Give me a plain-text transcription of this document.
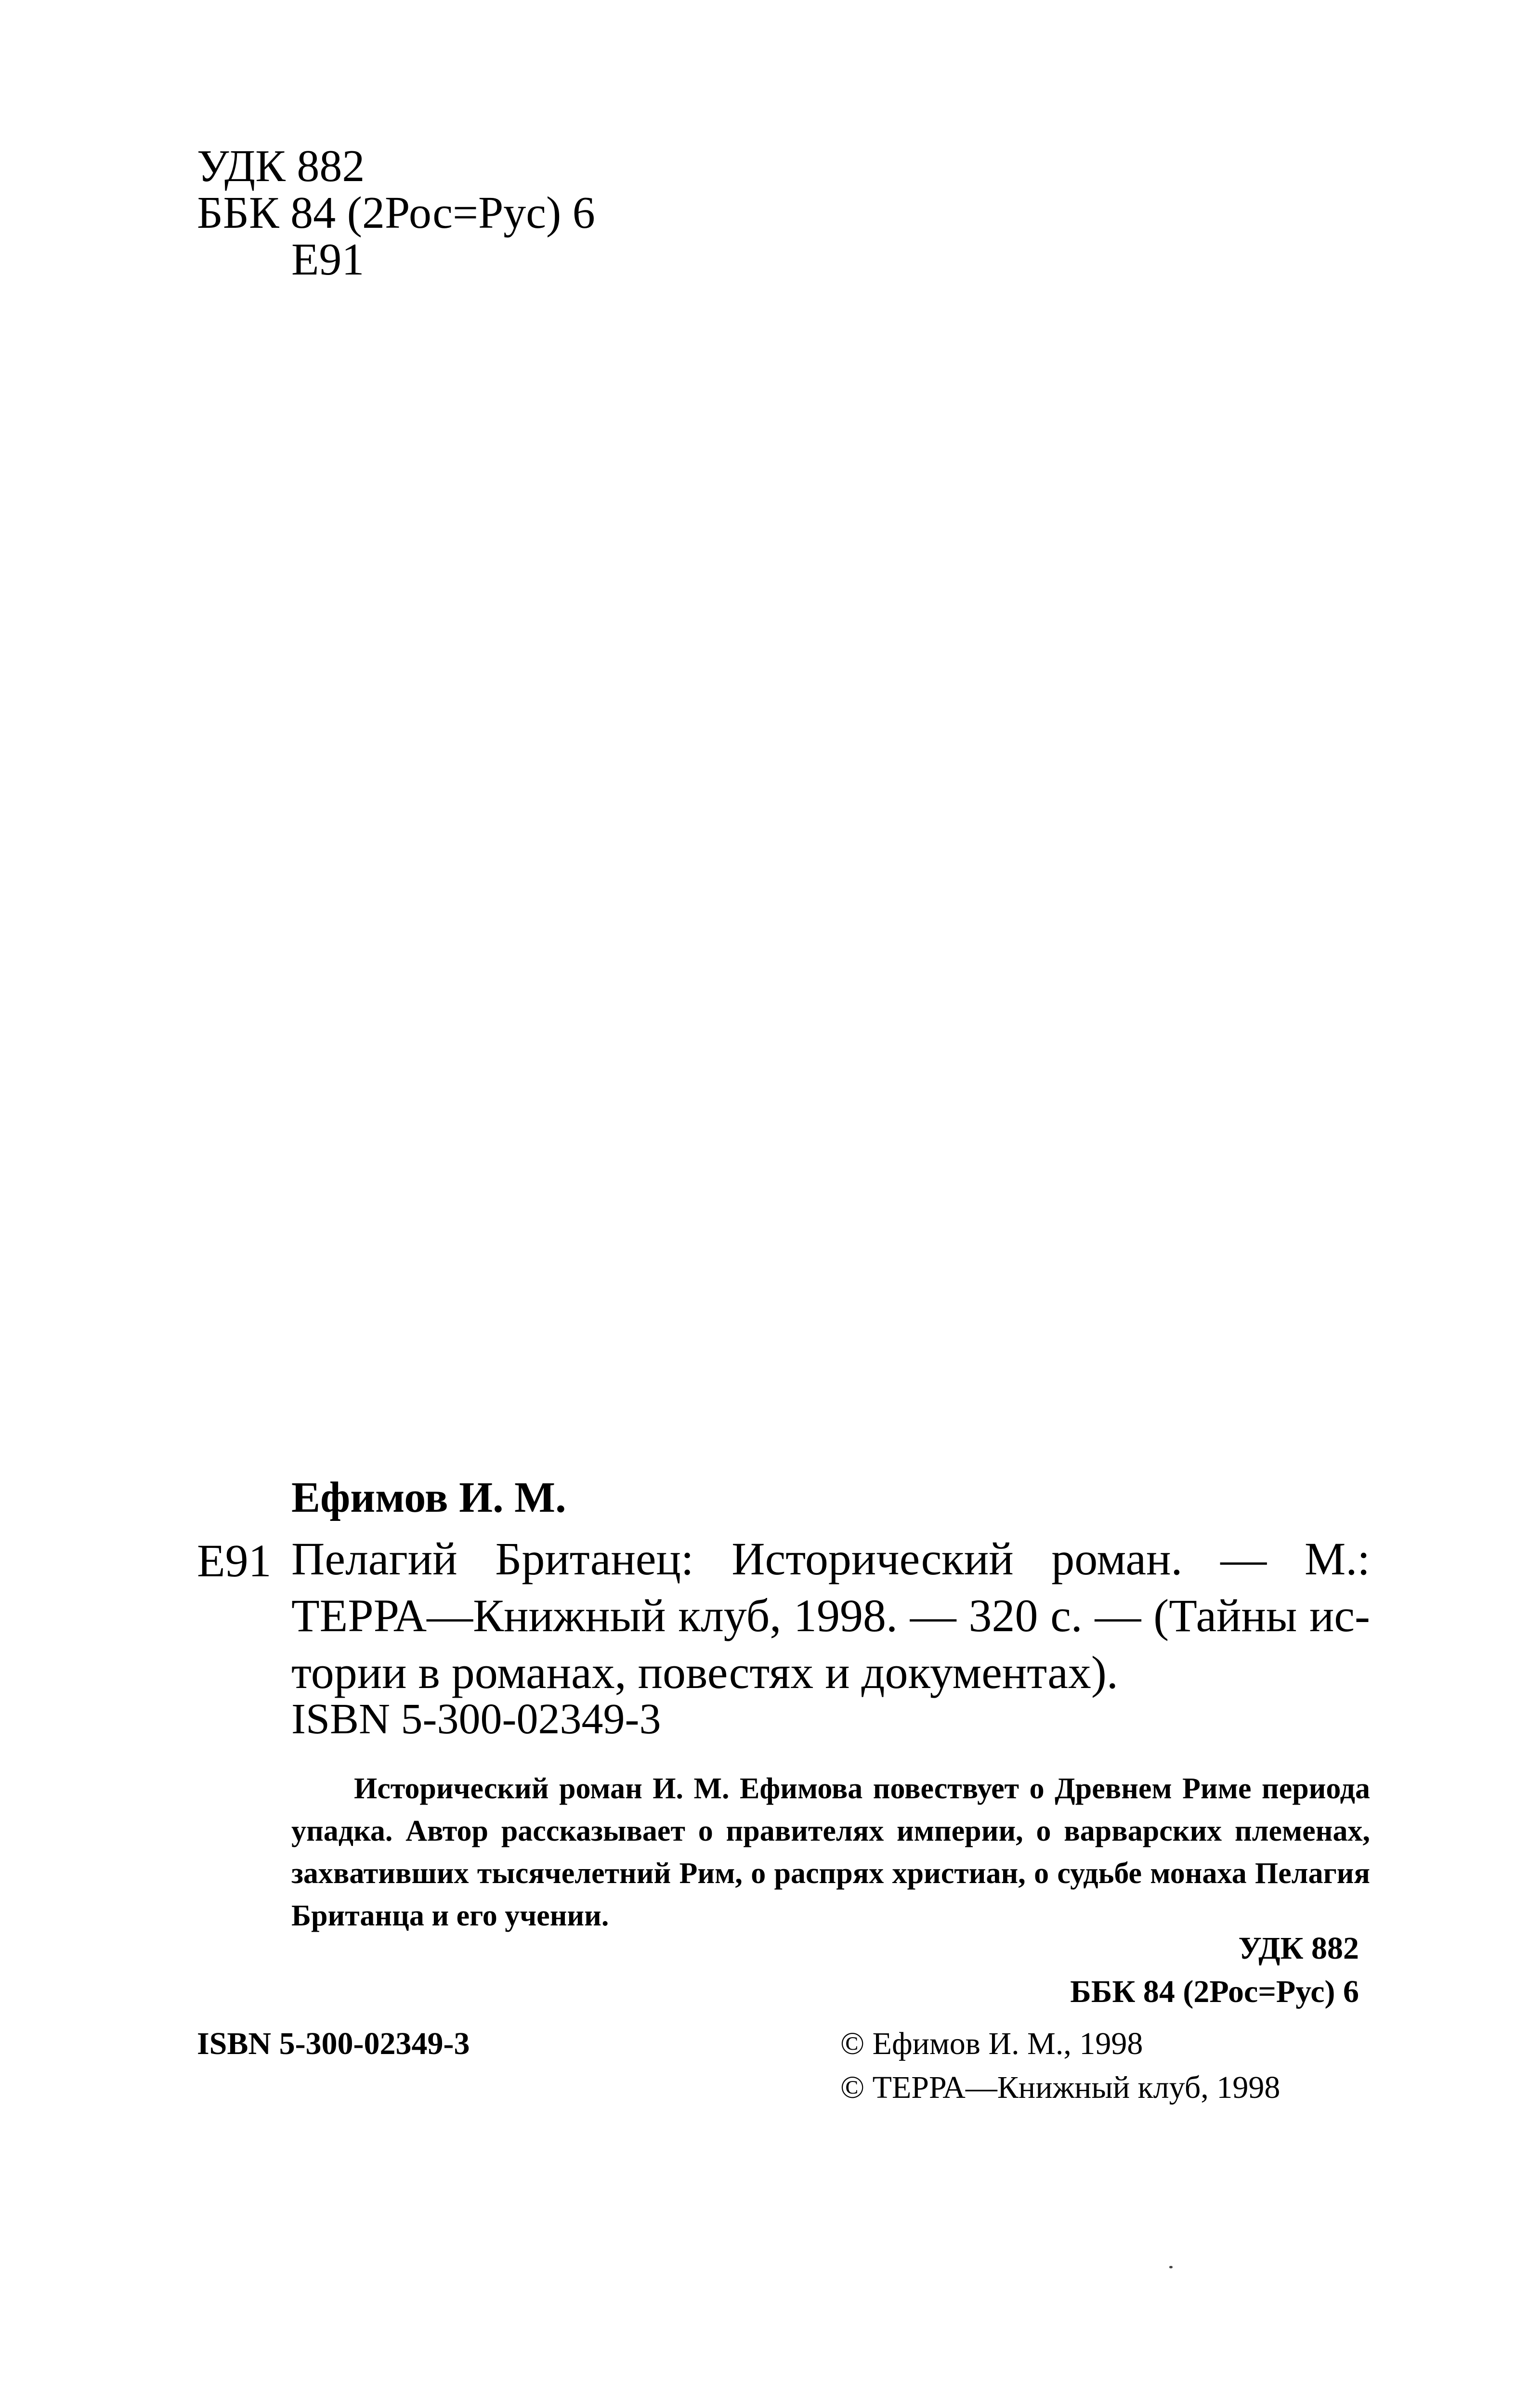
УДК 882
ББК 84 (2Рос=Рус) 6
Е91
Ефимов И. М.
Е91 Пелагий Британец: Исторический роман. — М.: ТЕРРА—Книжный клуб, 1998. — 320 с. — (Тайны истории в романах, повестях и документах).
ISBN 5-300-02349-3
Исторический роман И. М. Ефимова повествует о Древнем Риме периода упадка. Автор рассказывает о правителях империи, о варварских племенах, захвативших тысячелетний Рим, о распрях христиан, о судьбе монаха Пелагия Британца и его учении.
УДК 882
ББК 84 (2Рос=Рус) 6
ISBN 5-300-02349-3	© Ефимов И. М., 1998
© ТЕРРА—Книжный клуб, 1998
